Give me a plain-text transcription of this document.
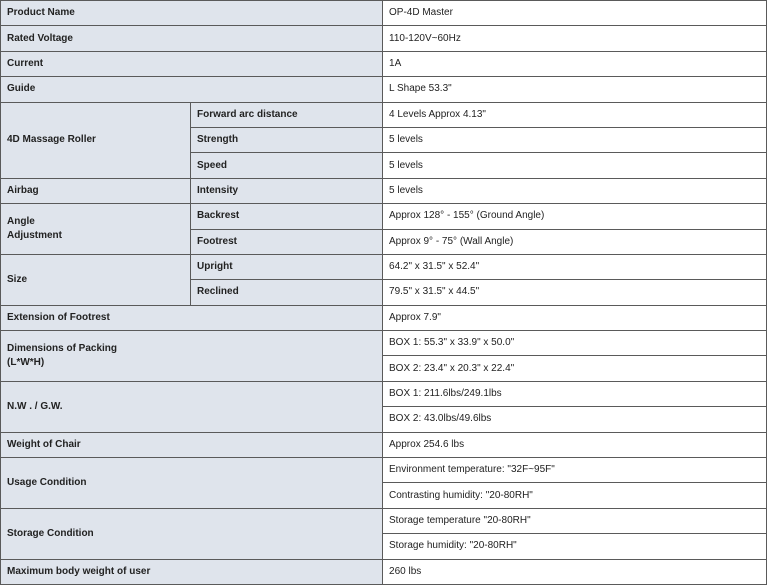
Product Name		OP-4D Master
Rated Voltage		110-120V~60Hz
Current		1A
Guide		L Shape 53.3"
4D Massage Roller	Forward arc distance	4 Levels Approx 4.13"
	Strength	5 levels
	Speed	5 levels
Airbag	Intensity	5 levels

Angle
Adjustment	Backrest	Approx 128° - 155° (Ground Angle)
	Footrest	Approx 9° - 75° (Wall Angle)
Size	Upright	64.2" x 31.5" x 52.4"
	Reclined	79.5" x 31.5" x 44.5"
Extension of Footrest		Approx 7.9"

Dimensions of Packing
(L*W*H)		BOX 1: 55.3" x 33.9" x 50.0"
		BOX 2: 23.4" x 20.3" x 22.4"
N.W . / G.W.		BOX 1: 211.6lbs/249.1lbs
		BOX 2: 43.0lbs/49.6lbs
Weight of Chair		Approx 254.6 lbs
Usage Condition		Environment temperature: "32F~95F"
		Contrasting humidity: "20-80RH"
Storage Condition		Storage temperature "20-80RH"
		Storage humidity: "20-80RH"
Maximum body weight of user		260 lbs
